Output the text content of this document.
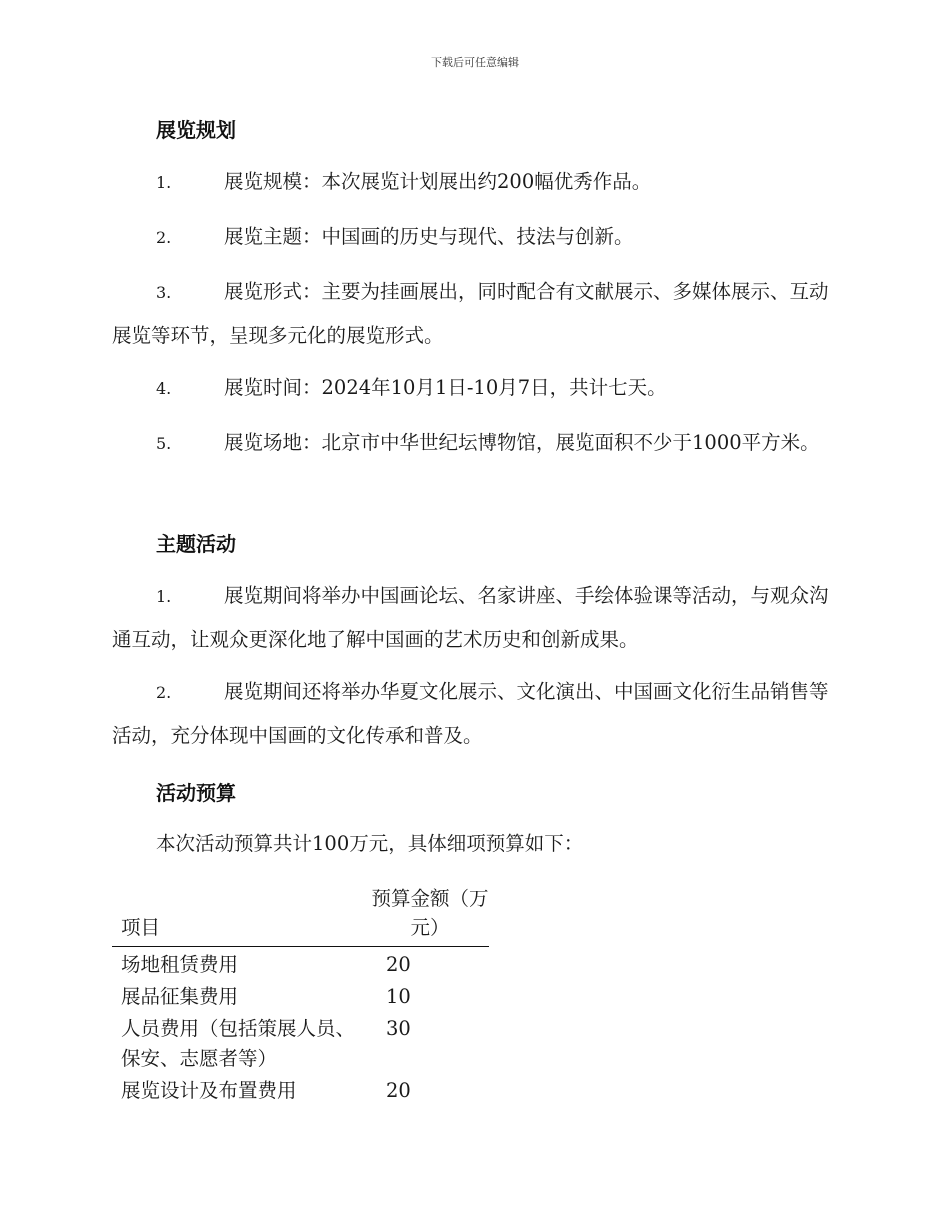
下载后可任意编辑
展览规划
1.	展览规模：本次展览计划展出约200幅优秀作品。
2.	展览主题：中国画的历史与现代、技法与创新。
3.	展览形式：主要为挂画展出，同时配合有文献展示、多媒体展示、互动展览等环节，呈现多元化的展览形式。
4.	展览时间：2024年10月1日-10月7日，共计七天。
5.	展览场地：北京市中华世纪坛博物馆，展览面积不少于1000平方米。
主题活动
1.	展览期间将举办中国画论坛、名家讲座、手绘体验课等活动，与观众沟通互动，让观众更深化地了解中国画的艺术历史和创新成果。
2.	展览期间还将举办华夏文化展示、文化演出、中国画文化衍生品销售等活动，充分体现中国画的文化传承和普及。
活动预算
本次活动预算共计100万元，具体细项预算如下：
项目	预算金额（万元）
场地租赁费用	20
展品征集费用	10
人员费用（包括策展人员、保安、志愿者等）	30
展览设计及布置费用	20
